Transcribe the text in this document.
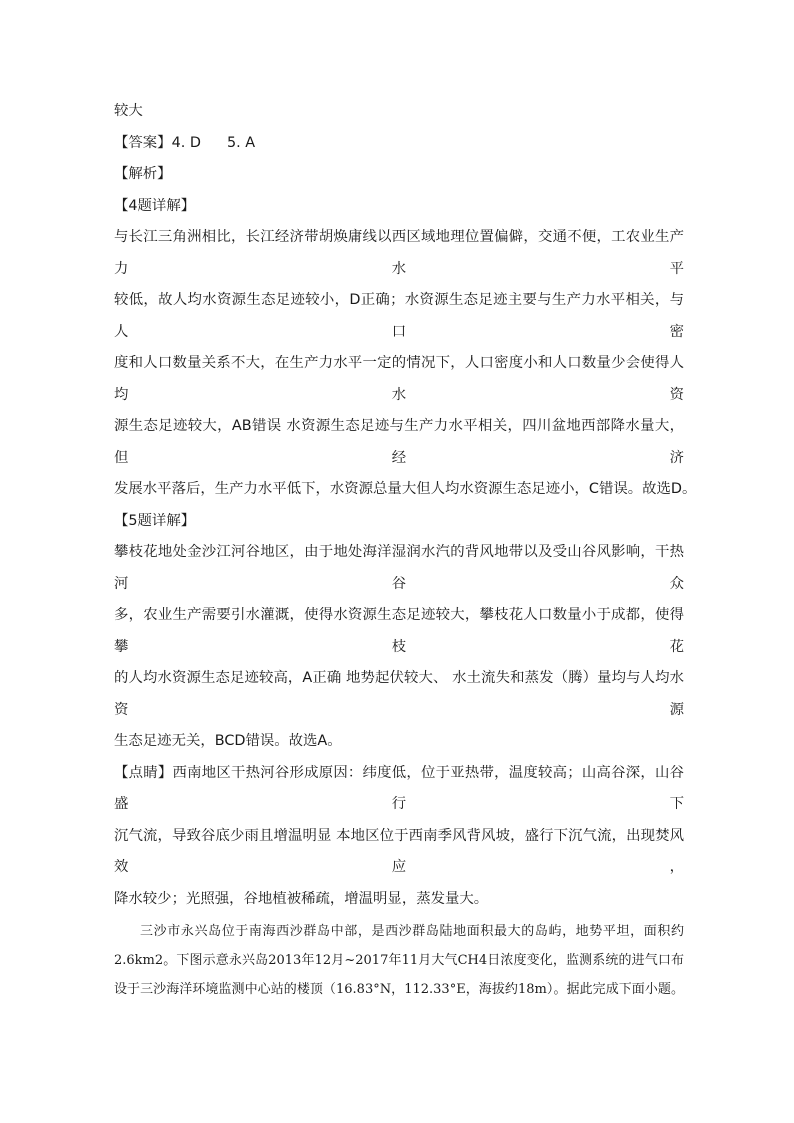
较大
【答案】4. D 5. A
【解析】
【4题详解】
与长江三角洲相比，长江经济带胡焕庸线以西区域地理位置偏僻，交通不便，工农业生产力水平
较低，故人均水资源生态足迹较小，D正确；水资源生态足迹主要与生产力水平相关，与人口密
度和人口数量关系不大，在生产力水平一定的情况下，人口密度小和人口数量少会使得人均水资
源生态足迹较大，AB错误 水资源生态足迹与生产力水平相关，四川盆地西部降水量大，但经济
发展水平落后，生产力水平低下，水资源总量大但人均水资源生态足迹小，C错误。故选D。
【5题详解】
攀枝花地处金沙江河谷地区，由于地处海洋湿润水汽的背风地带以及受山谷风影响，干热河谷众
多，农业生产需要引水灌溉，使得水资源生态足迹较大，攀枝花人口数量小于成都，使得攀枝花
的人均水资源生态足迹较高，A正确 地势起伏较大、 水土流失和蒸发（腾）量均与人均水资源
生态足迹无关，BCD错误。故选A。
【点睛】西南地区干热河谷形成原因：纬度低，位于亚热带，温度较高；山高谷深，山谷盛行下
沉气流，导致谷底少雨且增温明显 本地区位于西南季风背风坡，盛行下沉气流，出现焚风效应，
降水较少；光照强，谷地植被稀疏，增温明显，蒸发量大。
三沙市永兴岛位于南海西沙群岛中部，是西沙群岛陆地面积最大的岛屿，地势平坦，面积约
2.6km2。下图示意永兴岛2013年12月~2017年11月大气CH4日浓度变化，监测系统的进气口布
设于三沙海洋环境监测中心站的楼顶（16.83°N，112.33°E，海拔约18m）。据此完成下面小题。
